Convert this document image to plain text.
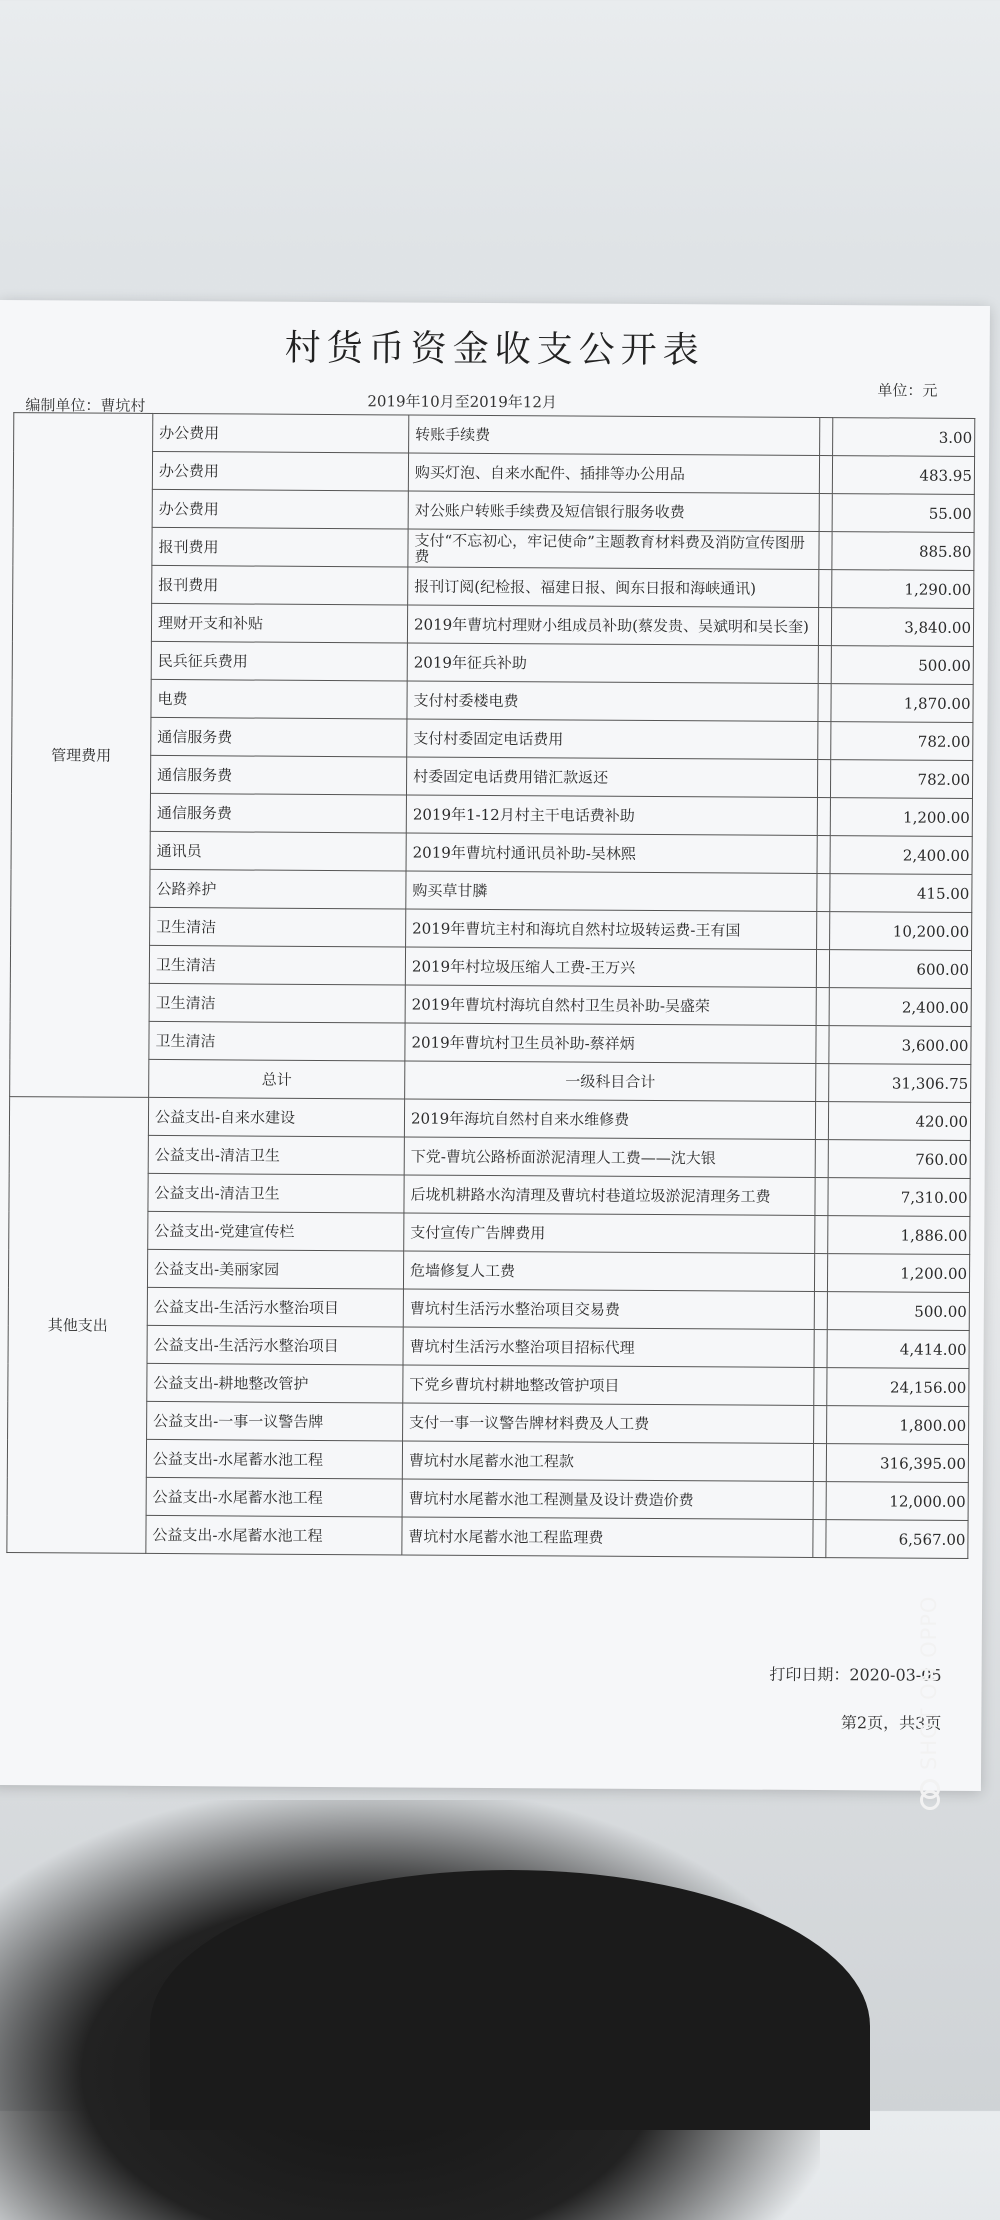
村货币资金收支公开表
编制单位：曹坑村	2019年10月至2019年12月
单位：元
管理费用	办公费用	转账手续费		3.00
	办公费用	购买灯泡、自来水配件、插排等办公用品		483.95
	办公费用	对公账户转账手续费及短信银行服务收费		55.00
	报刊费用	支付“不忘初心，牢记使命”主题教育材料费及消防宣传图册费		885.80
	报刊费用	报刊订阅(纪检报、福建日报、闽东日报和海峡通讯)		1,290.00
	理财开支和补贴	2019年曹坑村理财小组成员补助(蔡发贵、吴斌明和吴长奎)		3,840.00
	民兵征兵费用	2019年征兵补助		500.00
	电费	支付村委楼电费		1,870.00
	通信服务费	支付村委固定电话费用		782.00
	通信服务费	村委固定电话费用错汇款返还		782.00
	通信服务费	2019年1-12月村主干电话费补助		1,200.00
	通讯员	2019年曹坑村通讯员补助-吴林熙		2,400.00
	公路养护	购买草甘膦		415.00
	卫生清洁	2019年曹坑主村和海坑自然村垃圾转运费-王有国		10,200.00
	卫生清洁	2019年村垃圾压缩人工费-王万兴		600.00
	卫生清洁	2019年曹坑村海坑自然村卫生员补助-吴盛荣		2,400.00
	卫生清洁	2019年曹坑村卫生员补助-蔡祥炳		3,600.00
	总计	一级科目合计		31,306.75
其他支出	公益支出-自来水建设	2019年海坑自然村自来水维修费		420.00
	公益支出-清洁卫生	下党-曹坑公路桥面淤泥清理人工费——沈大银		760.00
	公益支出-清洁卫生	后垅机耕路水沟清理及曹坑村巷道垃圾淤泥清理务工费		7,310.00
	公益支出-党建宣传栏	支付宣传广告牌费用		1,886.00
	公益支出-美丽家园	危墙修复人工费		1,200.00
	公益支出-生活污水整治项目	曹坑村生活污水整治项目交易费		500.00
	公益支出-生活污水整治项目	曹坑村生活污水整治项目招标代理		4,414.00
	公益支出-耕地整改管护	下党乡曹坑村耕地整改管护项目		24,156.00
	公益支出-一事一议警告牌	支付一事一议警告牌材料费及人工费		1,800.00
	公益支出-水尾蓄水池工程	曹坑村水尾蓄水池工程款		316,395.00
	公益支出-水尾蓄水池工程	曹坑村水尾蓄水池工程测量及设计费造价费		12,000.00
	公益支出-水尾蓄水池工程	曹坑村水尾蓄水池工程监理费		6,567.00
打印日期：2020-03-05
第2页，共3页
SHOT ON OPPO
